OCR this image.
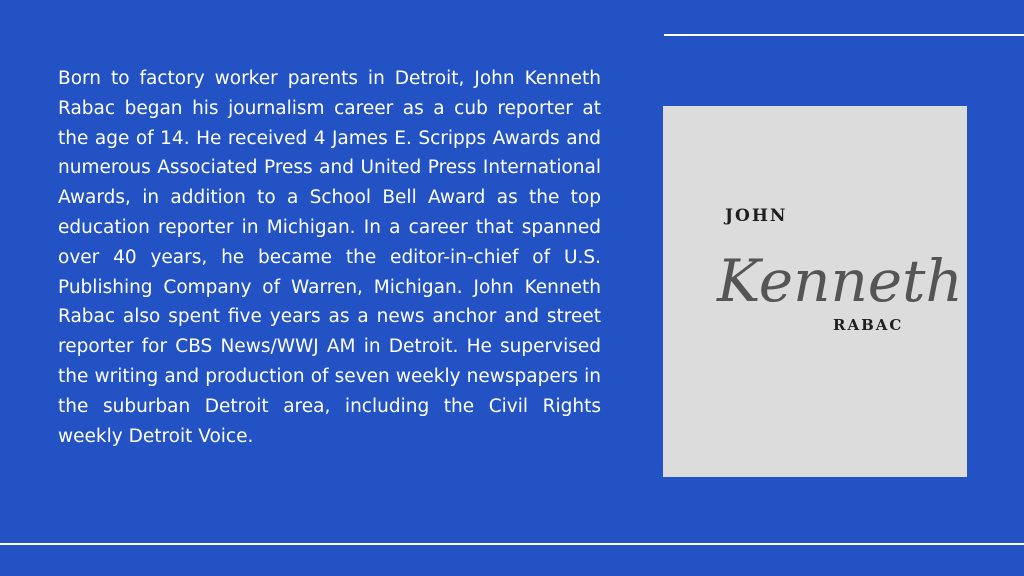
Born to factory worker parents in Detroit, John Kenneth Rabac began his journalism career as a cub reporter at the age of 14. He received 4 James E. Scripps Awards and numerous Associated Press and United Press International Awards, in addition to a School Bell Award as the top education reporter in Michigan. In a career that spanned over 40 years, he became the editor-in-chief of U.S. Publishing Company of Warren, Michigan. John Kenneth Rabac also spent five years as a news anchor and street reporter for CBS News/WWJ AM in Detroit. He supervised the writing and production of seven weekly newspapers in the suburban Detroit area, including the Civil Rights weekly Detroit Voice.

JOHN
Kenneth
RABAC
